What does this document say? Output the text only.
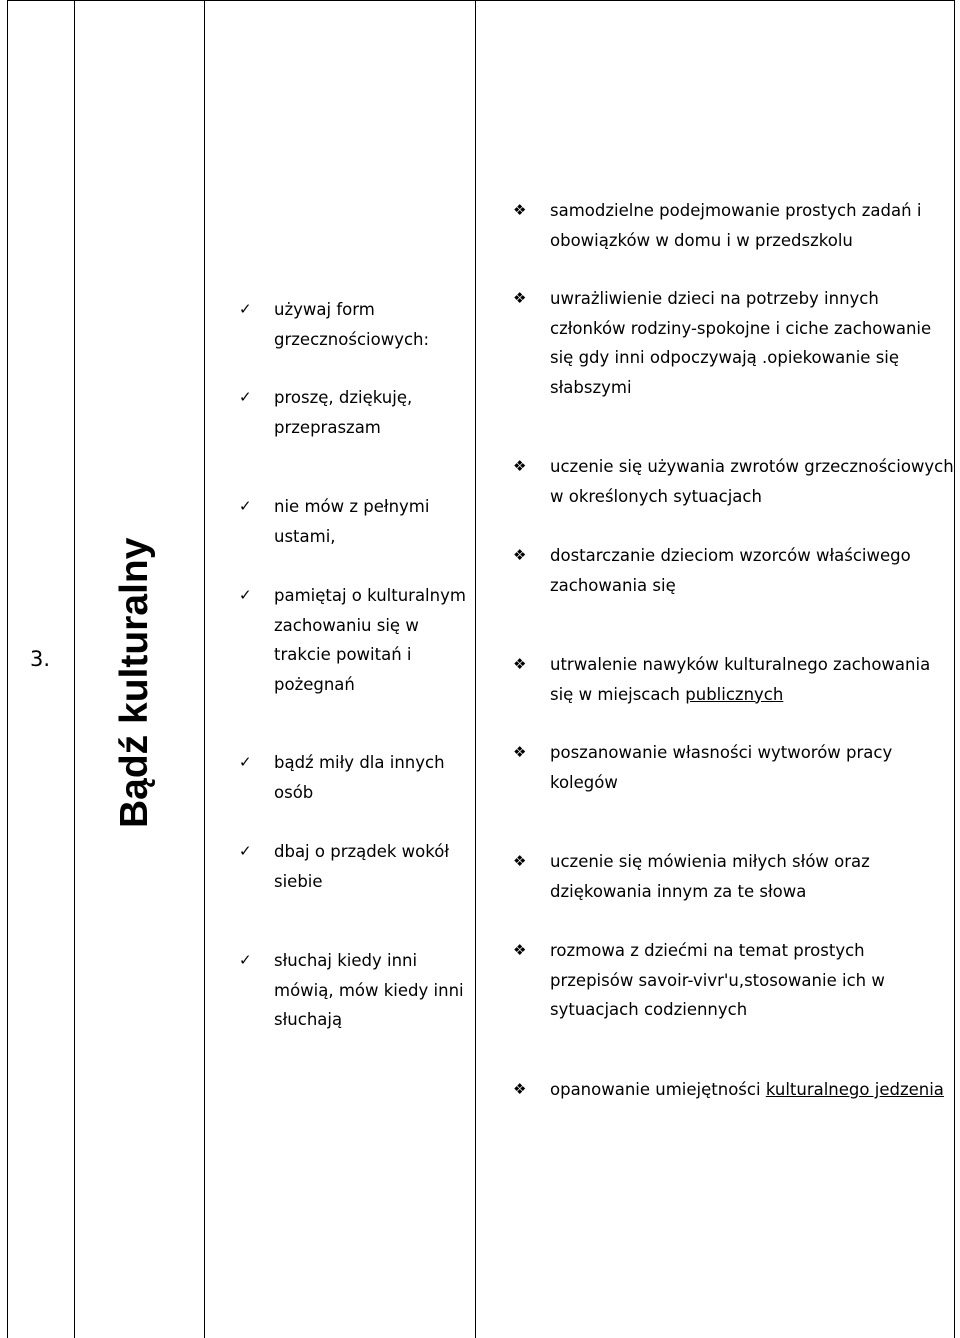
3. Bądź kulturalny
✓	używaj form
grzecznościowych:
✓	proszę, dziękuję,
przepraszam
✓	nie mów z pełnymi
ustami,
✓	pamiętaj o kulturalnym
zachowaniu się w
trakcie powitań i
pożegnań
✓	bądź miły dla innych
osób
✓	dbaj o prządek wokół
siebie
✓	słuchaj kiedy inni
mówią, mów kiedy inni
słuchają
❖	samodzielne podejmowanie prostych zadań i
obowiązków w domu i w przedszkolu
❖	uwrażliwienie dzieci na potrzeby innych
członków rodziny-spokojne i ciche zachowanie
się gdy inni odpoczywają .opiekowanie się
słabszymi
❖	uczenie się używania zwrotów grzecznościowych
w określonych sytuacjach
❖	dostarczanie dzieciom wzorców właściwego
zachowania się
❖	utrwalenie nawyków kulturalnego zachowania
się w miejscach publicznych
❖	poszanowanie własności wytworów pracy
kolegów
❖	uczenie się mówienia miłych słów oraz
dziękowania innym za te słowa
❖	rozmowa z dziećmi na temat prostych
przepisów savoir-vivr'u,stosowanie ich w
sytuacjach codziennych
❖	opanowanie umiejętności kulturalnego jedzenia
